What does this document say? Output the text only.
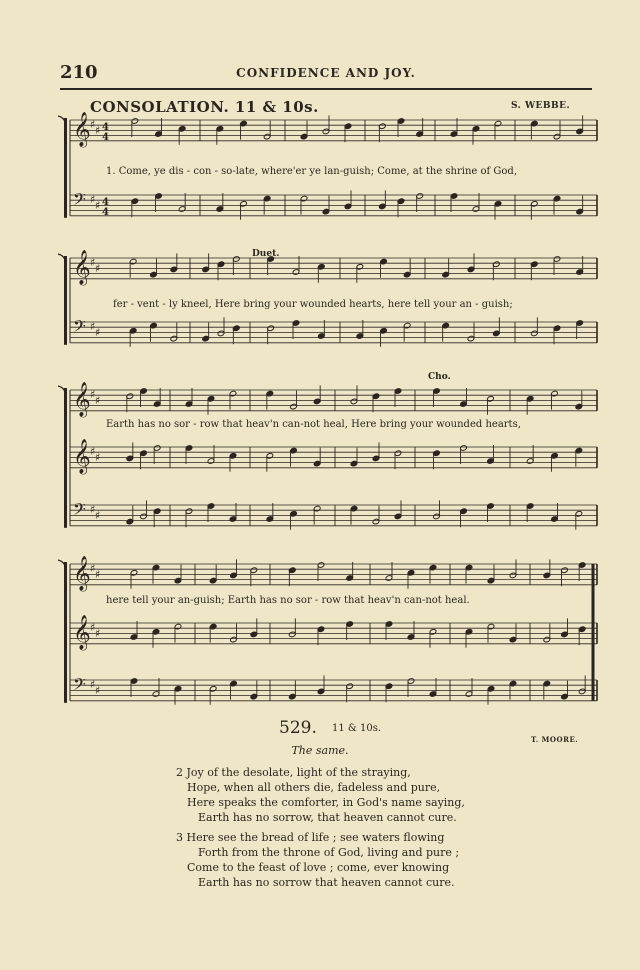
210	CONFIDENCE AND JOY.
CONSOLATION. 11 & 10s.	S. WEBBE.
𝄞 ♯ ♯ 4
4
𝄢 ♯ ♯ 4
4
𝄞 ♯ ♯
𝄢 ♯ ♯
𝄞 ♯ ♯
𝄞 ♯ ♯
𝄢 ♯ ♯
𝄞 ♯ ♯
𝄞 ♯ ♯
𝄢 ♯ ♯
Duet.
Cho.
1. Come, ye dis - con - so-late, where'er ye lan-guish; Come, at the shrine of God,
fer - vent - ly kneel, Here bring your wounded hearts, here tell your an - guish;
Earth has no sor - row that heav'n can-not heal, Here bring your wounded hearts,
here tell your an-guish; Earth has no sor - row that heav'n can-not heal.
529. 11 & 10s.
T. MOORE.
The same.
2 Joy of the desolate, light of the straying,
Hope, when all others die, fadeless and pure,
Here speaks the comforter, in God's name saying,
Earth has no sorrow, that heaven cannot cure.
3 Here see the bread of life ; see waters flowing
Forth from the throne of God, living and pure ;
Come to the feast of love ; come, ever knowing
Earth has no sorrow that heaven cannot cure.
